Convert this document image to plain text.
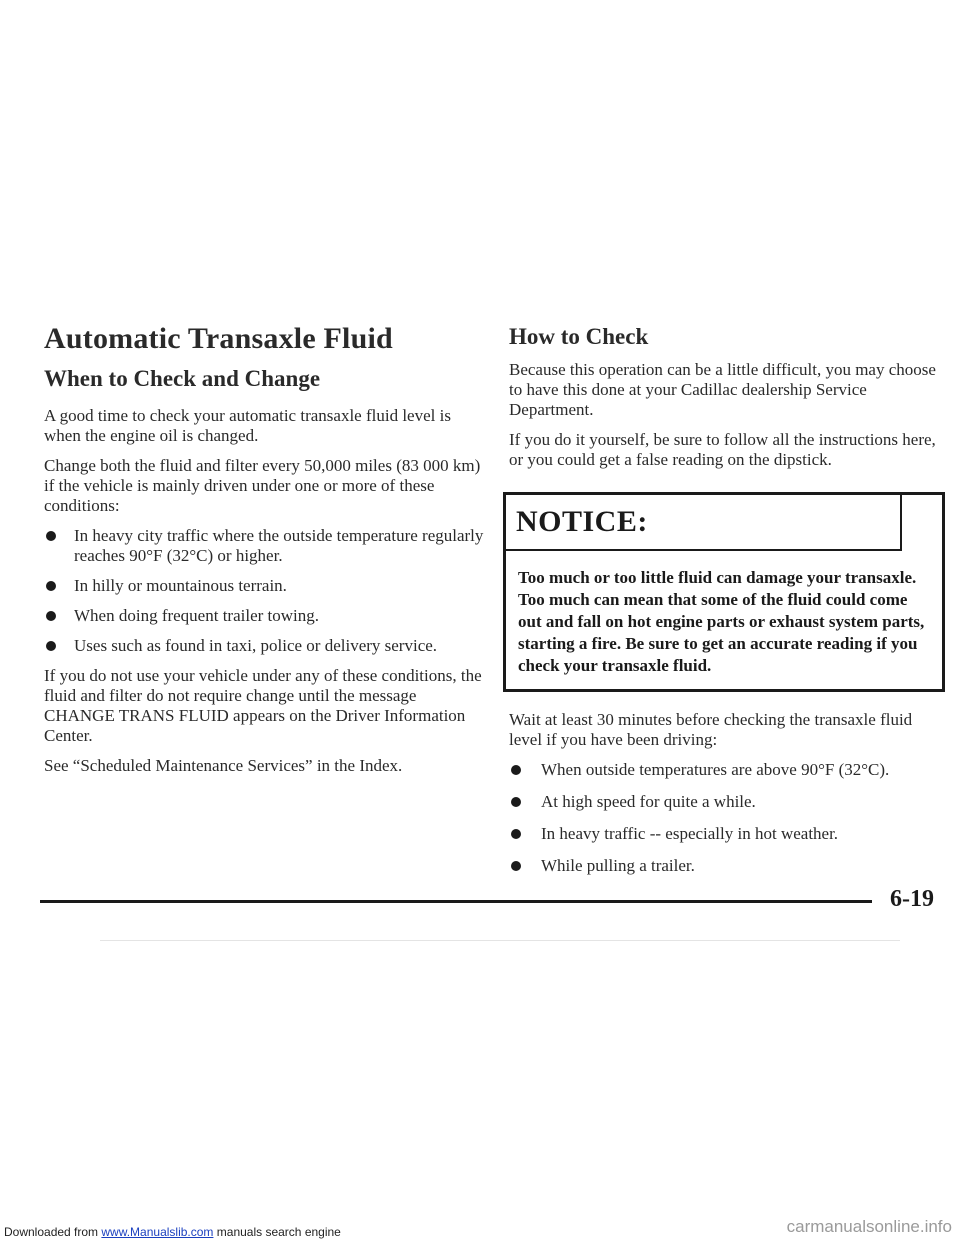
Automatic Transaxle Fluid
When to Check and Change

A good time to check your automatic transaxle fluid level is when the engine oil is changed.

Change both the fluid and filter every 50,000 miles (83 000 km) if the vehicle is mainly driven under one or more of these conditions:

In heavy city traffic where the outside temperature regularly reaches 90°F (32°C) or higher.
In hilly or mountainous terrain.
When doing frequent trailer towing.
Uses such as found in taxi, police or delivery service.

If you do not use your vehicle under any of these conditions, the fluid and filter do not require change until the message CHANGE TRANS FLUID appears on the Driver Information Center.

See “Scheduled Maintenance Services” in the Index.

How to Check

Because this operation can be a little difficult, you may choose to have this done at your Cadillac dealership Service Department.

If you do it yourself, be sure to follow all the instructions here, or you could get a false reading on the dipstick.

NOTICE:
Too much or too little fluid can damage your transaxle. Too much can mean that some of the fluid could come out and fall on hot engine parts or exhaust system parts, starting a fire. Be sure to get an accurate reading if you check your transaxle fluid.

Wait at least 30 minutes before checking the transaxle fluid level if you have been driving:

When outside temperatures are above 90°F (32°C).
At high speed for quite a while.
In heavy traffic -- especially in hot weather.
While pulling a trailer.
6-19
Downloaded from www.Manualslib.com manuals search engine	carmanualsonline.info
